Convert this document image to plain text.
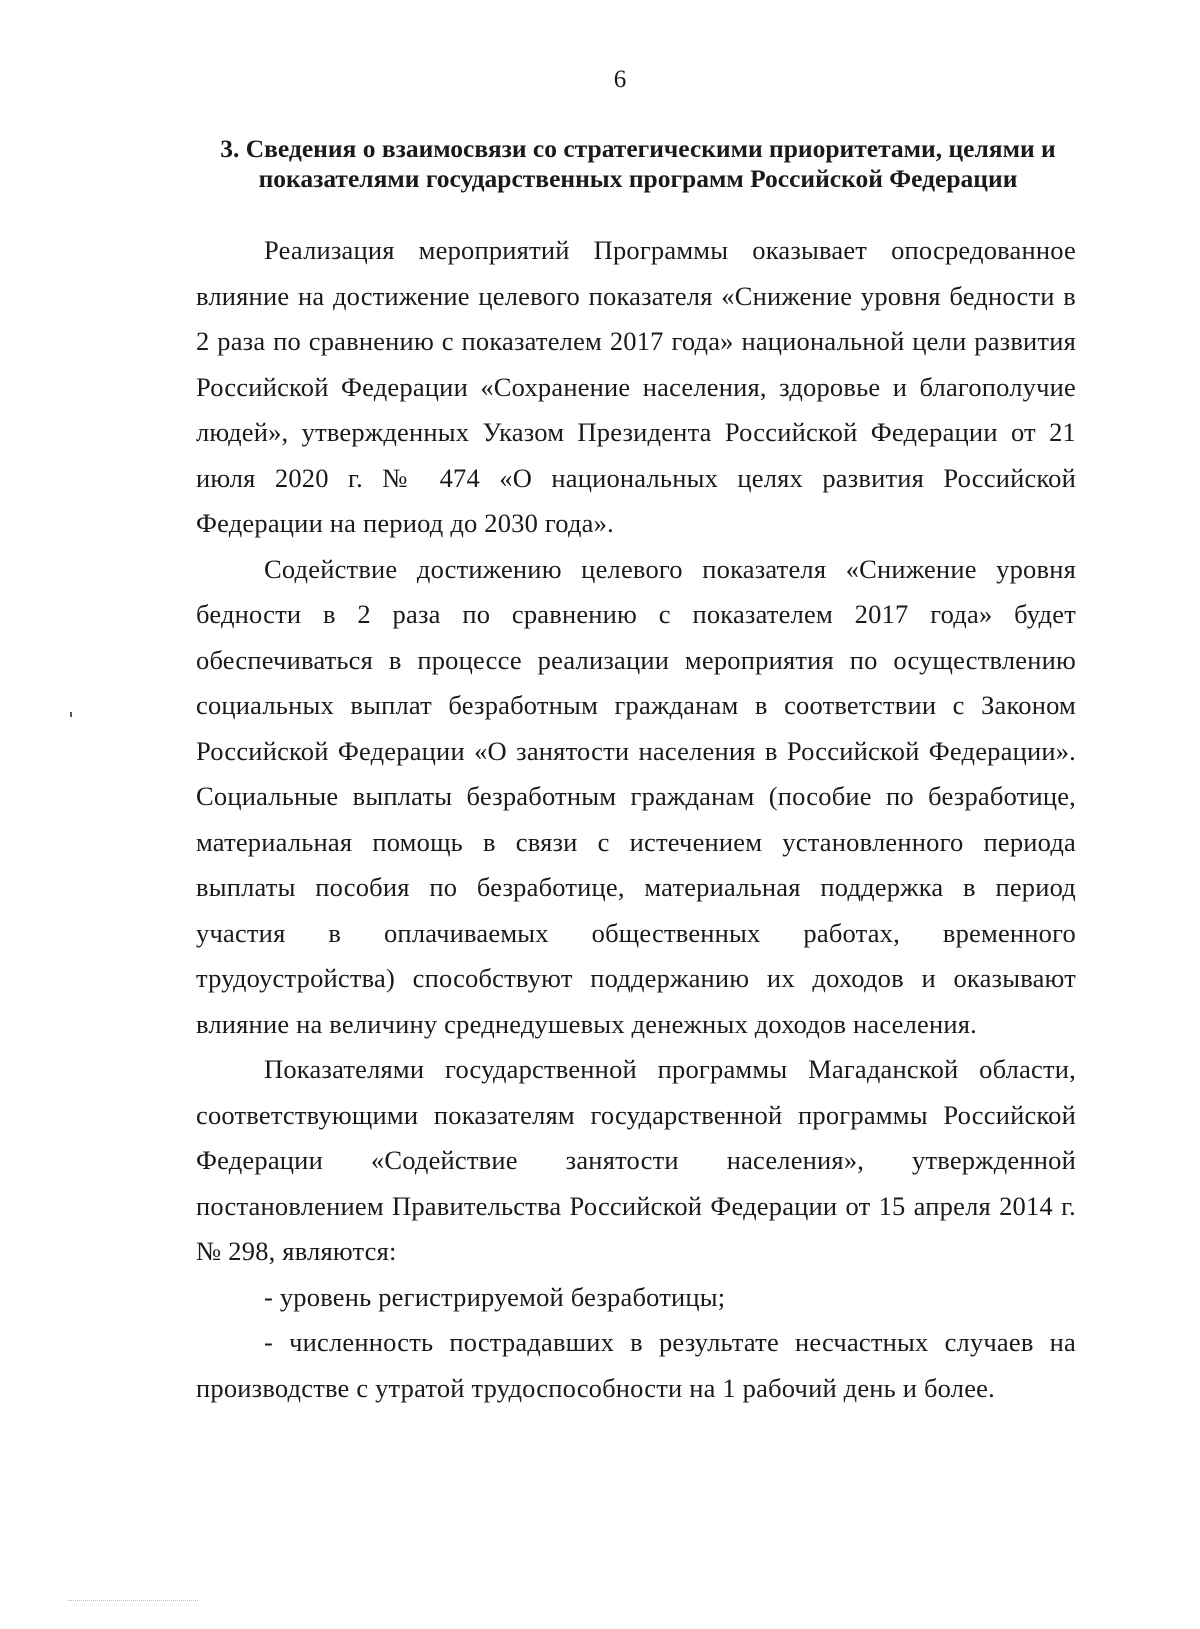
6
3. Сведения о взаимосвязи со стратегическими приоритетами, целями и показателями государственных программ Российской Федерации

Реализация мероприятий Программы оказывает опосредованное влияние на достижение целевого показателя «Снижение уровня бедности в 2 раза по сравнению с показателем 2017 года» национальной цели развития Российской Федерации «Сохранение населения, здоровье и благополучие людей», утвержденных Указом Президента Российской Федерации от 21 июля 2020 г. № 474 «О национальных целях развития Российской Федерации на период до 2030 года».

Содействие достижению целевого показателя «Снижение уровня бедности в 2 раза по сравнению с показателем 2017 года» будет обеспечиваться в процессе реализации мероприятия по осуществлению социальных выплат безработным гражданам в соответствии с Законом Российской Федерации «О занятости населения в Российской Федерации». Социальные выплаты безработным гражданам (пособие по безработице, материальная помощь в связи с истечением установленного периода выплаты пособия по безработице, материальная поддержка в период участия в оплачиваемых общественных работах, временного трудоустройства) способствуют поддержанию их доходов и оказывают влияние на величину среднедушевых денежных доходов населения.

Показателями государственной программы Магаданской области, соответствующими показателям государственной программы Российской Федерации «Содействие занятости населения», утвержденной постановлением Правительства Российской Федерации от 15 апреля 2014 г. № 298, являются:

- уровень регистрируемой безработицы;

- численность пострадавших в результате несчастных случаев на производстве с утратой трудоспособности на 1 рабочий день и более.
